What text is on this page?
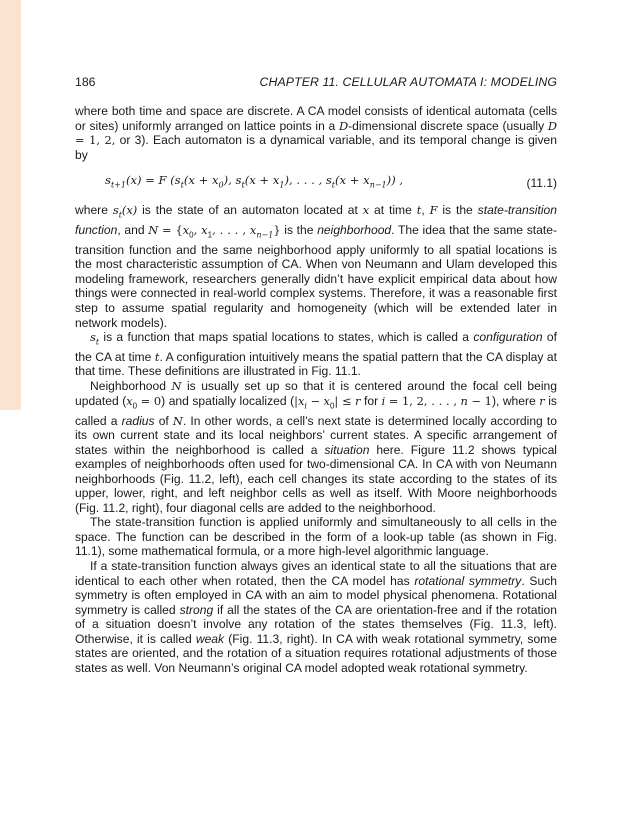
186	CHAPTER 11. CELLULAR AUTOMATA I: MODELING

where both time and space are discrete. A CA model consists of identical automata (cells or sites) uniformly arranged on lattice points in a D-dimensional discrete space (usually D = 1, 2, or 3). Each automaton is a dynamical variable, and its temporal change is given by

$s_{t+1}(x) = F$ ($s_t(x + x_0)$, $s_t(x + x_1)$, . . . , $s_t(x + x_{n-1})$) ,	(11.1)

where $s_t(x)$ is the state of an automaton located at x at time t, F is the state-transition function, and $N = \{x_0$, $x_1$, . . . , $x_{n-1}$} is the neighborhood. The idea that the same state-transition function and the same neighborhood apply uniformly to all spatial locations is the most characteristic assumption of CA. When von Neumann and Ulam developed this modeling framework, researchers generally didn’t have explicit empirical data about how things were connected in real-world complex systems. Therefore, it was a reasonable first step to assume spatial regularity and homogeneity (which will be extended later in network models).

$s_t$ is a function that maps spatial locations to states, which is called a configuration of the CA at time t. A configuration intuitively means the spatial pattern that the CA display at that time. These definitions are illustrated in Fig. 11.1.

Neighborhood N is usually set up so that it is centered around the focal cell being updated $(x_0 = 0)$ and spatially localized ($|x_i - x_0| \le r$ for i = 1, 2, . . . , n − 1), where r is called a radius of N. In other words, a cell’s next state is determined locally according to its own current state and its local neighbors’ current states. A specific arrangement of states within the neighborhood is called a situation here. Figure 11.2 shows typical examples of neighborhoods often used for two-dimensional CA. In CA with von Neumann neighborhoods (Fig. 11.2, left), each cell changes its state according to the states of its upper, lower, right, and left neighbor cells as well as itself. With Moore neighborhoods (Fig. 11.2, right), four diagonal cells are added to the neighborhood.

The state-transition function is applied uniformly and simultaneously to all cells in the space. The function can be described in the form of a look-up table (as shown in Fig. 11.1), some mathematical formula, or a more high-level algorithmic language.

If a state-transition function always gives an identical state to all the situations that are identical to each other when rotated, then the CA model has rotational symmetry. Such symmetry is often employed in CA with an aim to model physical phenomena. Rotational symmetry is called strong if all the states of the CA are orientation-free and if the rotation of a situation doesn’t involve any rotation of the states themselves (Fig. 11.3, left). Otherwise, it is called weak (Fig. 11.3, right). In CA with weak rotational symmetry, some states are oriented, and the rotation of a situation requires rotational adjustments of those states as well. Von Neumann’s original CA model adopted weak rotational symmetry.
